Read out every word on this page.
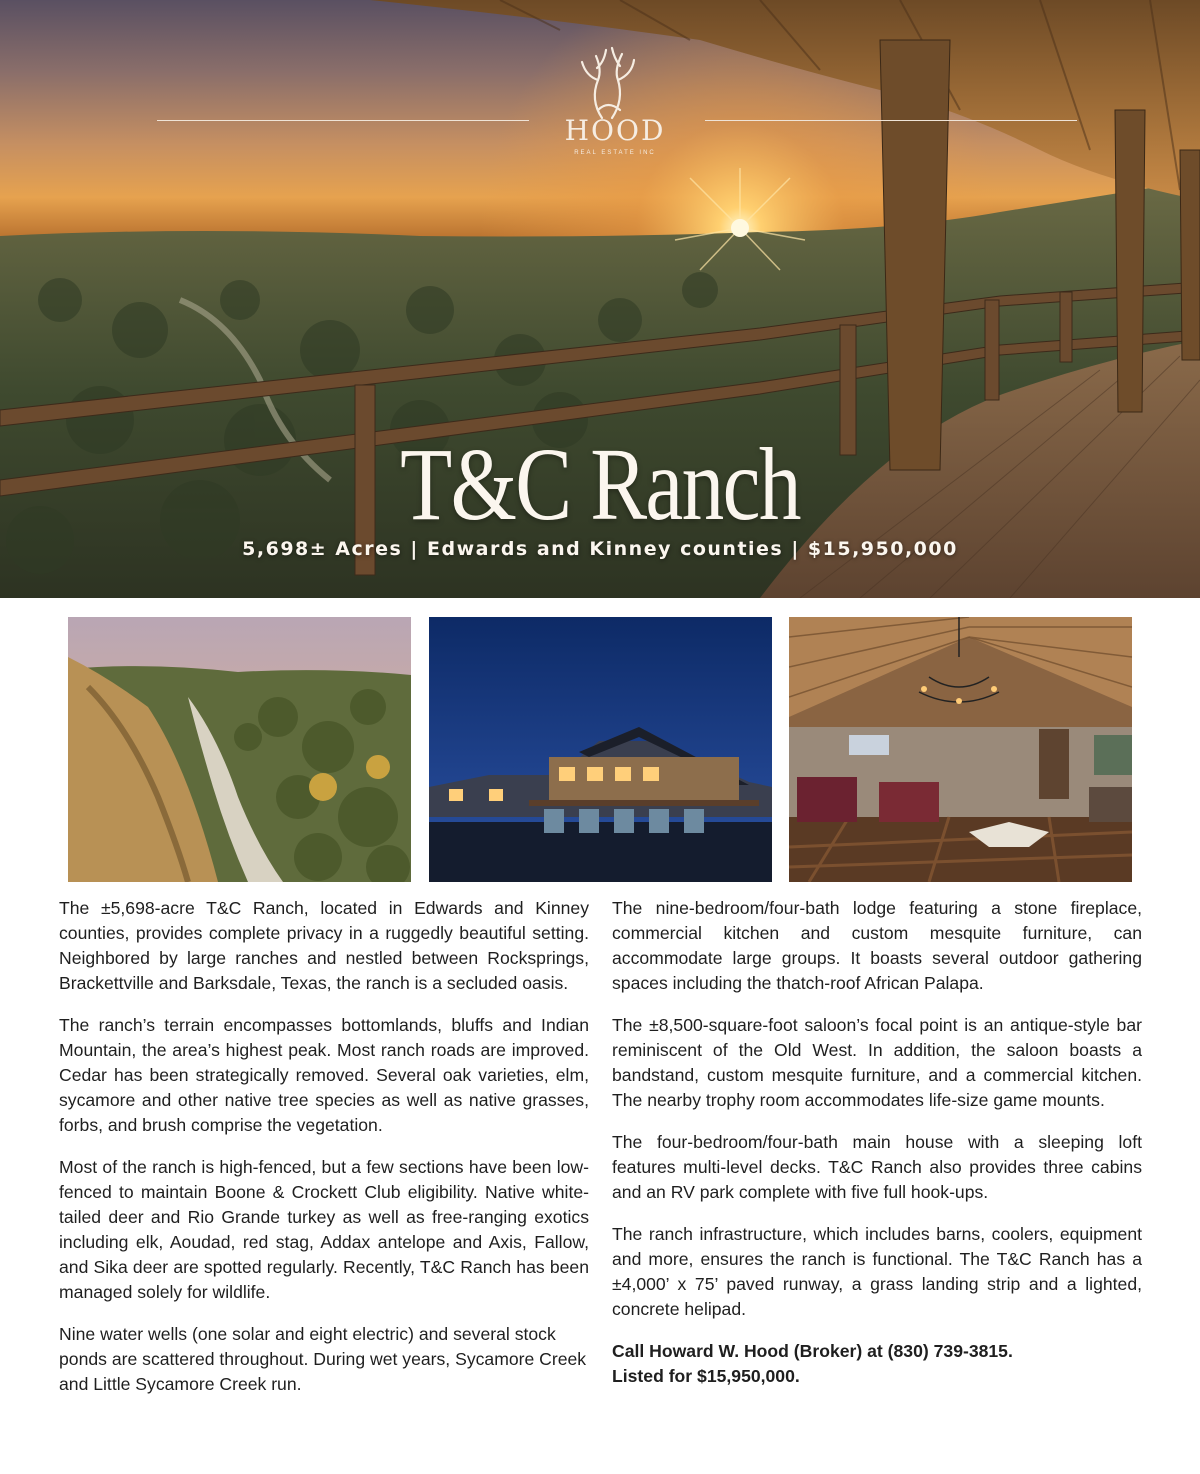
HOOD
REAL ESTATE INC
T&C Ranch
5,698± Acres | Edwards and Kinney counties | $15,950,000

The ±5,698-acre T&C Ranch, located in Edwards and Kinney counties, provides complete privacy in a ruggedly beautiful setting. Neighbored by large ranches and nestled between Rocksprings, Brackettville and Barksdale, Texas, the ranch is a secluded oasis.

The ranch’s terrain encompasses bottomlands, bluffs and Indian Mountain, the area’s highest peak. Most ranch roads are improved. Cedar has been strategically removed. Several oak varieties, elm, sycamore and other native tree species as well as native grasses, forbs, and brush comprise the vegetation.

Most of the ranch is high-fenced, but a few sections have been low-fenced to maintain Boone & Crockett Club eligibility. Native white-tailed deer and Rio Grande turkey as well as free-ranging exotics including elk, Aoudad, red stag, Addax antelope and Axis, Fallow, and Sika deer are spotted regularly. Recently, T&C Ranch has been managed solely for wildlife.

Nine water wells (one solar and eight electric) and several stock ponds are scattered throughout. During wet years, Sycamore Creek and Little Sycamore Creek run.

The nine-bedroom/four-bath lodge featuring a stone fireplace, commercial kitchen and custom mesquite furniture, can accommodate large groups. It boasts several outdoor gathering spaces including the thatch-roof African Palapa.

The ±8,500-square-foot saloon’s focal point is an antique-style bar reminiscent of the Old West. In addition, the saloon boasts a bandstand, custom mesquite furniture, and a commercial kitchen. The nearby trophy room accommodates life-size game mounts.

The four-bedroom/four-bath main house with a sleeping loft features multi-level decks. T&C Ranch also provides three cabins and an RV park complete with five full hook-ups.

The ranch infrastructure, which includes barns, coolers, equipment and more, ensures the ranch is functional. The T&C Ranch has a ±4,000’ x 75’ paved runway, a grass landing strip and a lighted, concrete helipad.

Call Howard W. Hood (Broker) at (830) 739-3815.

Listed for $15,950,000.
